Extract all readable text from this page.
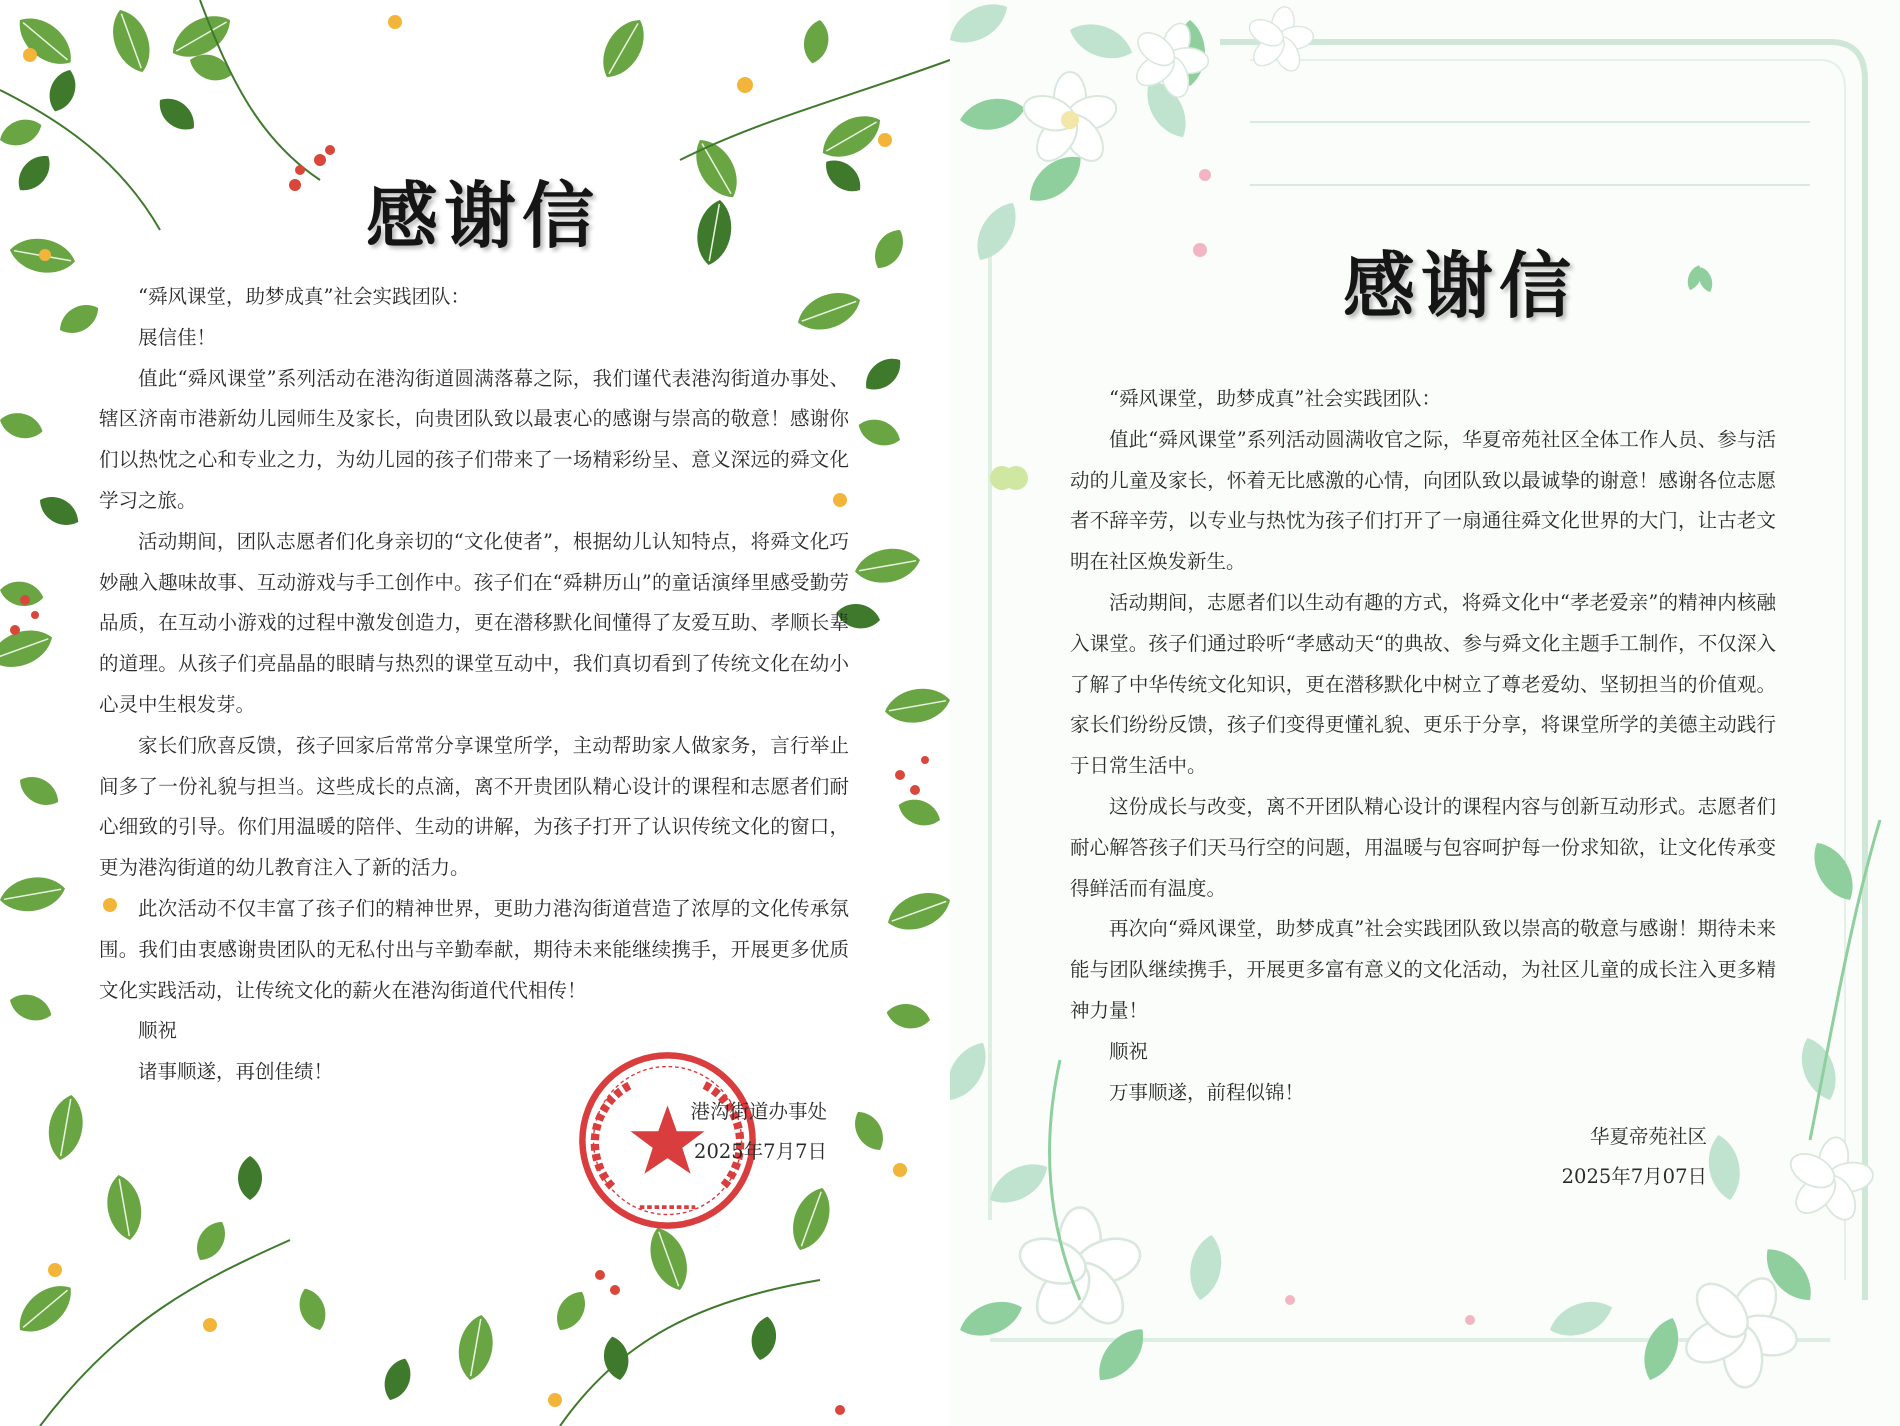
感谢信

“舜风课堂，助梦成真”社会实践团队：

展信佳！

值此“舜风课堂”系列活动在港沟街道圆满落幕之际，我们谨代表港沟街道办事处、辖区济南市港新幼儿园师生及家长，向贵团队致以最衷心的感谢与崇高的敬意！感谢你们以热忱之心和专业之力，为幼儿园的孩子们带来了一场精彩纷呈、意义深远的舜文化学习之旅。

活动期间，团队志愿者们化身亲切的“文化使者”，根据幼儿认知特点，将舜文化巧妙融入趣味故事、互动游戏与手工创作中。孩子们在“舜耕历山”的童话演绎里感受勤劳品质，在互动小游戏的过程中激发创造力，更在潜移默化间懂得了友爱互助、孝顺长辈的道理。从孩子们亮晶晶的眼睛与热烈的课堂互动中，我们真切看到了传统文化在幼小心灵中生根发芽。

家长们欣喜反馈，孩子回家后常常分享课堂所学，主动帮助家人做家务，言行举止间多了一份礼貌与担当。这些成长的点滴，离不开贵团队精心设计的课程和志愿者们耐心细致的引导。你们用温暖的陪伴、生动的讲解，为孩子打开了认识传统文化的窗口，更为港沟街道的幼儿教育注入了新的活力。

此次活动不仅丰富了孩子们的精神世界，更助力港沟街道营造了浓厚的文化传承氛围。我们由衷感谢贵团队的无私付出与辛勤奉献，期待未来能继续携手，开展更多优质文化实践活动，让传统文化的薪火在港沟街道代代相传！

顺祝

诸事顺遂，再创佳绩！

港沟街道办事处
2025年7月7日
感谢信

“舜风课堂，助梦成真”社会实践团队：

值此“舜风课堂”系列活动圆满收官之际，华夏帝苑社区全体工作人员、参与活动的儿童及家长，怀着无比感激的心情，向团队致以最诚挚的谢意！感谢各位志愿者不辞辛劳，以专业与热忱为孩子们打开了一扇通往舜文化世界的大门，让古老文明在社区焕发新生。

活动期间，志愿者们以生动有趣的方式，将舜文化中“孝老爱亲”的精神内核融入课堂。孩子们通过聆听“孝感动天“的典故、参与舜文化主题手工制作，不仅深入了解了中华传统文化知识，更在潜移默化中树立了尊老爱幼、坚韧担当的价值观。家长们纷纷反馈，孩子们变得更懂礼貌、更乐于分享，将课堂所学的美德主动践行于日常生活中。

这份成长与改变，离不开团队精心设计的课程内容与创新互动形式。志愿者们耐心解答孩子们天马行空的问题，用温暖与包容呵护每一份求知欲，让文化传承变得鲜活而有温度。

再次向“舜风课堂，助梦成真”社会实践团队致以崇高的敬意与感谢！期待未来能与团队继续携手，开展更多富有意义的文化活动，为社区儿童的成长注入更多精神力量！

顺祝

万事顺遂，前程似锦！

华夏帝苑社区
2025年7月07日
